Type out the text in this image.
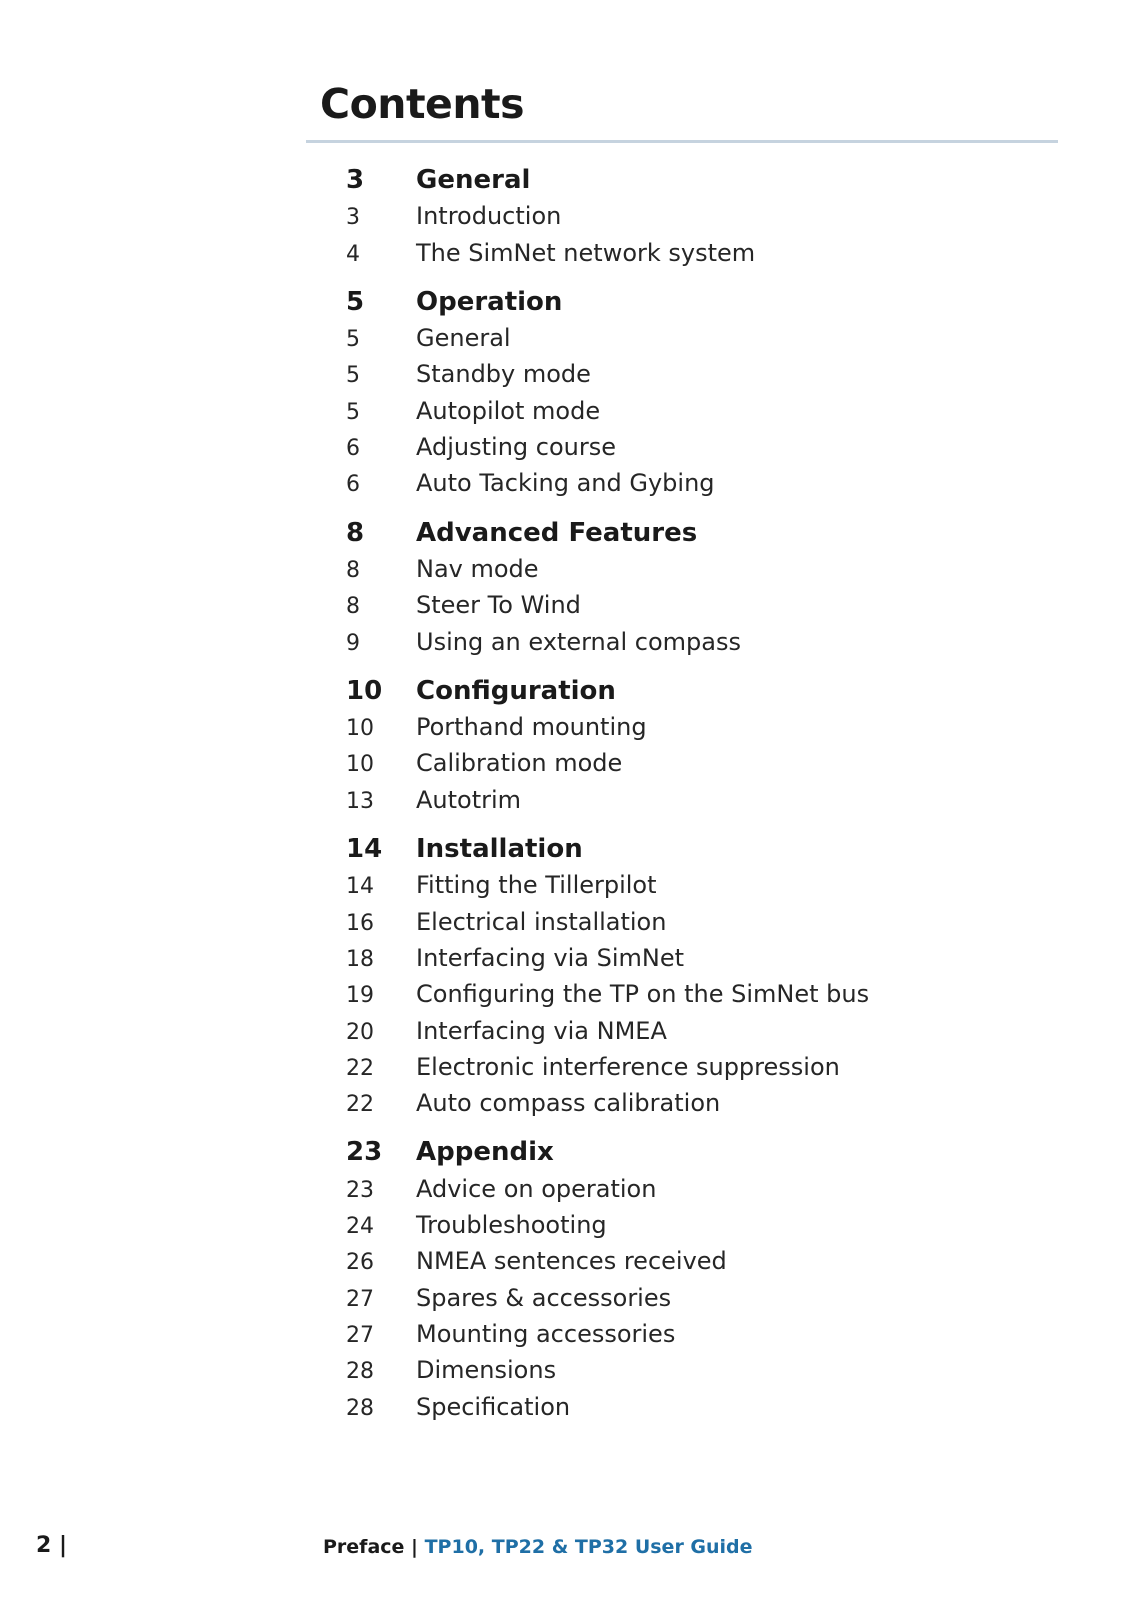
Contents
3	General
3	Introduction
4	The SimNet network system
5	Operation
5	General
5	Standby mode
5	Autopilot mode
6	Adjusting course
6	Auto Tacking and Gybing
8	Advanced Features
8	Nav mode
8	Steer To Wind
9	Using an external compass
10	Configuration
10	Porthand mounting
10	Calibration mode
13	Autotrim
14	Installation
14	Fitting the Tillerpilot
16	Electrical installation
18	Interfacing via SimNet
19	Configuring the TP on the SimNet bus
20	Interfacing via NMEA
22	Electronic interference suppression
22	Auto compass calibration
23	Appendix
23	Advice on operation
24	Troubleshooting
26	NMEA sentences received
27	Spares & accessories
27	Mounting accessories
28	Dimensions
28	Specification
2 |	Preface | TP10, TP22 & TP32 User Guide
